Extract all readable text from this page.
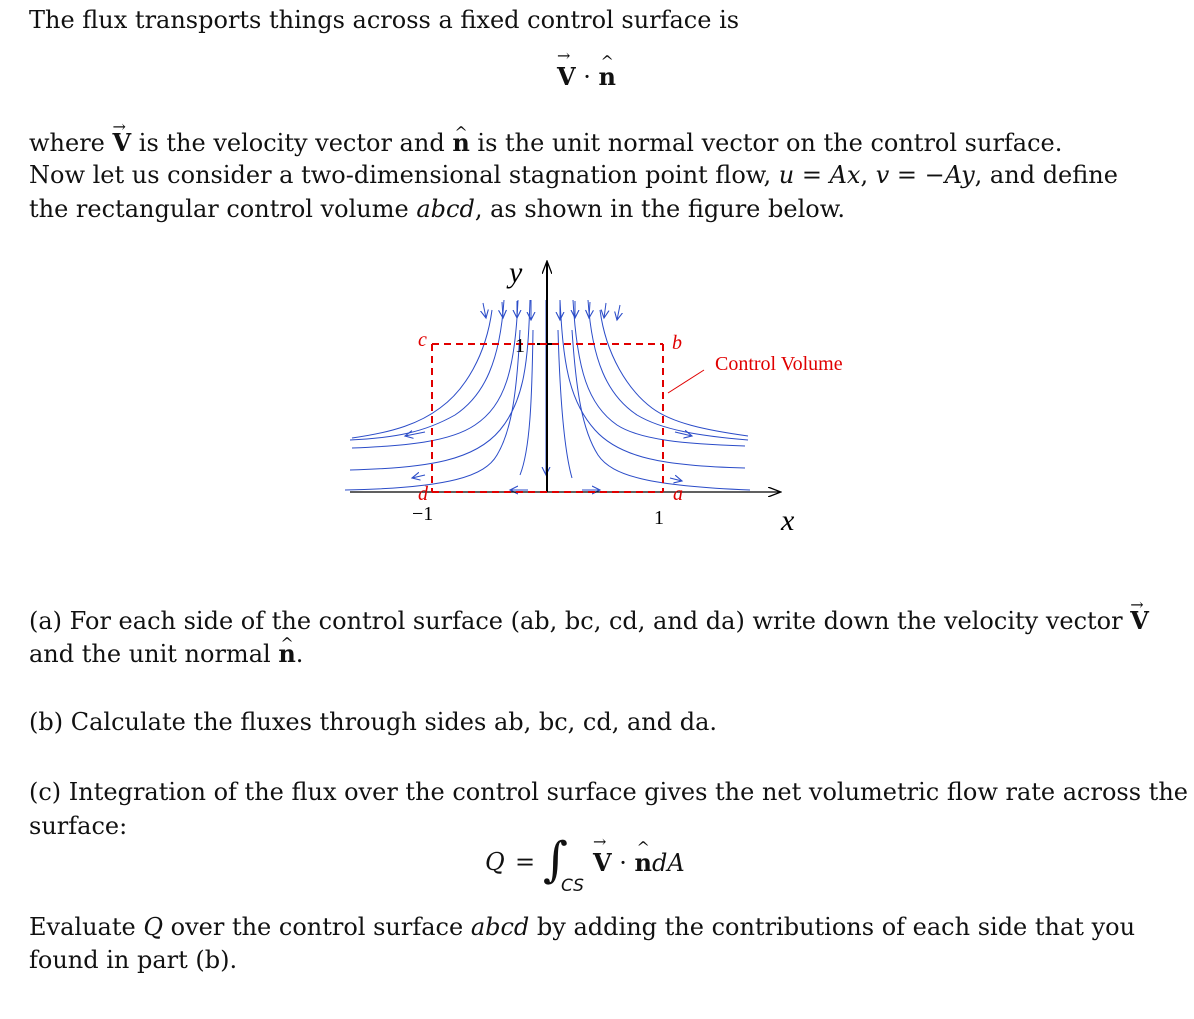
The flux transports things across a fixed control surface is
→ V · ^ n
where → V is the velocity vector and ^ n is the unit normal vector on the control surface.
Now let us consider a two-dimensional stagnation point flow, u = Ax, v = −Ay, and define
the rectangular control volume abcd, as shown in the figure below.
y
x
1
1
−1
c	b
d	a
Control Volume
(a) For each side of the control surface (ab, bc, cd, and da) write down the velocity vector → V
and the unit normal ^ n.
(b) Calculate the fluxes through sides ab, bc, cd, and da.
(c) Integration of the flux over the control surface gives the net volumetric flow rate across the
surface:
Q = ∫
CS
→ V · ^ ndA
Evaluate Q over the control surface abcd by adding the contributions of each side that you
found in part (b).
